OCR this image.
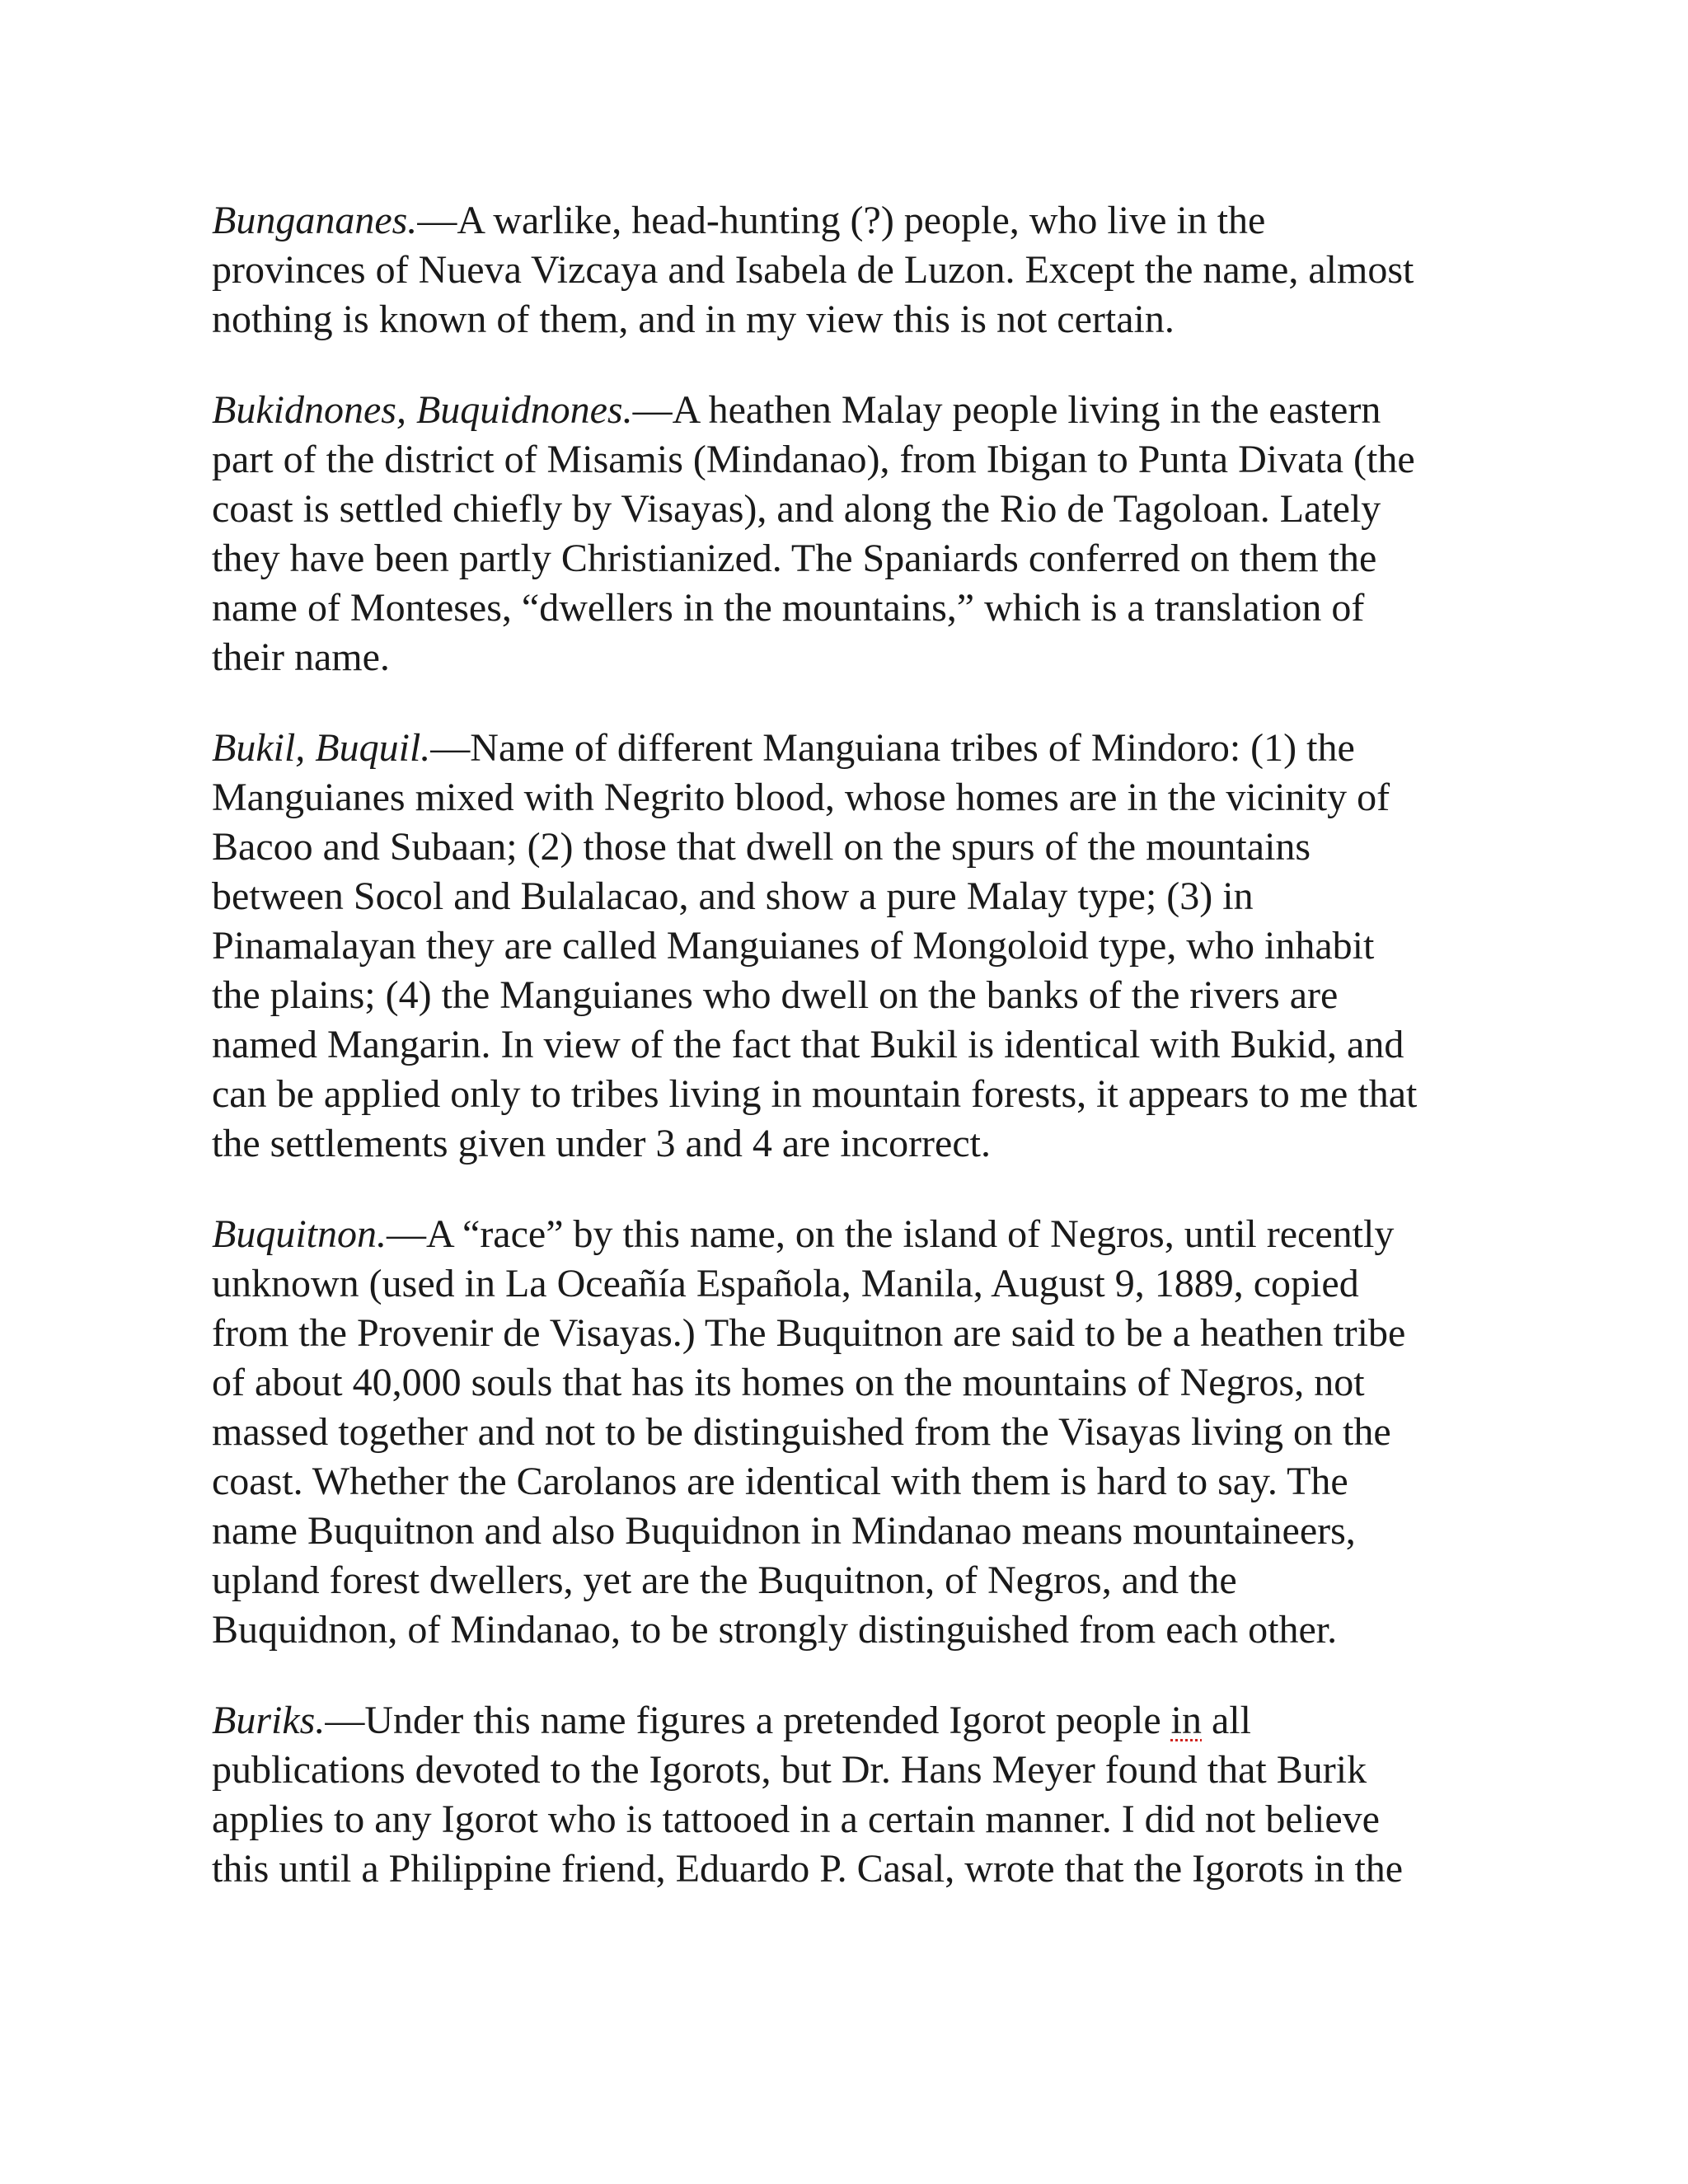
Bungananes.—A warlike, head-hunting (?) people, who live in the
provinces of Nueva Vizcaya and Isabela de Luzon. Except the name, almost
nothing is known of them, and in my view this is not certain.
Bukidnones, Buquidnones.—A heathen Malay people living in the eastern
part of the district of Misamis (Mindanao), from Ibigan to Punta Divata (the
coast is settled chiefly by Visayas), and along the Rio de Tagoloan. Lately
they have been partly Christianized. The Spaniards conferred on them the
name of Monteses, “dwellers in the mountains,” which is a translation of
their name.
Bukil, Buquil.—Name of different Manguiana tribes of Mindoro: (1) the
Manguianes mixed with Negrito blood, whose homes are in the vicinity of
Bacoo and Subaan; (2) those that dwell on the spurs of the mountains
between Socol and Bulalacao, and show a pure Malay type; (3) in
Pinamalayan they are called Manguianes of Mongoloid type, who inhabit
the plains; (4) the Manguianes who dwell on the banks of the rivers are
named Mangarin. In view of the fact that Bukil is identical with Bukid, and
can be applied only to tribes living in mountain forests, it appears to me that
the settlements given under 3 and 4 are incorrect.
Buquitnon.—A “race” by this name, on the island of Negros, until recently
unknown (used in La Oceañía Española, Manila, August 9, 1889, copied
from the Provenir de Visayas.) The Buquitnon are said to be a heathen tribe
of about 40,000 souls that has its homes on the mountains of Negros, not
massed together and not to be distinguished from the Visayas living on the
coast. Whether the Carolanos are identical with them is hard to say. The
name Buquitnon and also Buquidnon in Mindanao means mountaineers,
upland forest dwellers, yet are the Buquitnon, of Negros, and the
Buquidnon, of Mindanao, to be strongly distinguished from each other.
Buriks.—Under this name figures a pretended Igorot people in all
publications devoted to the Igorots, but Dr. Hans Meyer found that Burik
applies to any Igorot who is tattooed in a certain manner. I did not believe
this until a Philippine friend, Eduardo P. Casal, wrote that the Igorots in the
